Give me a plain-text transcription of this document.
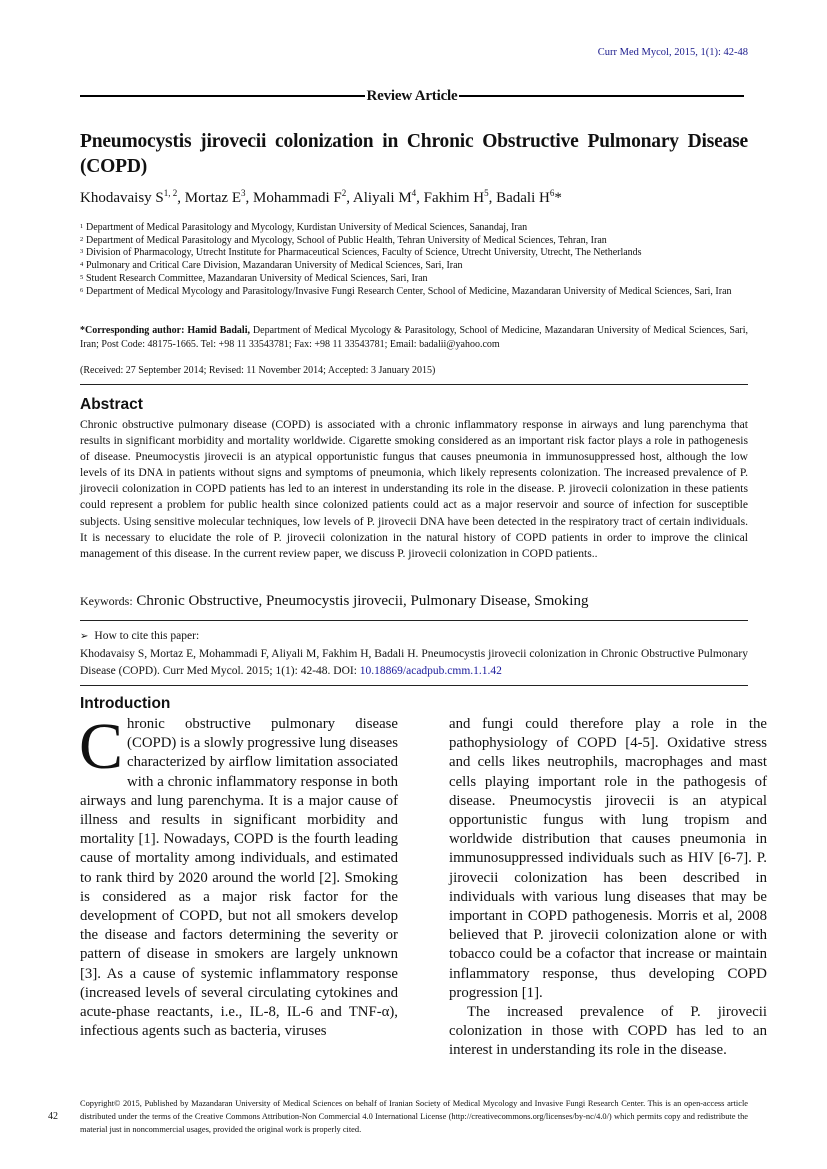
Curr Med Mycol, 2015, 1(1): 42-48
Review Article
Pneumocystis jirovecii colonization in Chronic Obstructive Pulmonary Disease (COPD)
Khodavaisy S$^{1, 2}$, Mortaz $E^3$, Mohammadi $F^2$, Aliyali $M^4$, Fakhim $H^5$, Badali $H^6*$
1 Department of Medical Parasitology and Mycology, Kurdistan University of Medical Sciences, Sanandaj, Iran
2 Department of Medical Parasitology and Mycology, School of Public Health, Tehran University of Medical Sciences, Tehran, Iran
3 Division of Pharmacology, Utrecht Institute for Pharmaceutical Sciences, Faculty of Science, Utrecht University, Utrecht, The Netherlands
4 Pulmonary and Critical Care Division, Mazandaran University of Medical Sciences, Sari, Iran
5 Student Research Committee, Mazandaran University of Medical Sciences, Sari, Iran
6 Department of Medical Mycology and Parasitology/Invasive Fungi Research Center, School of Medicine, Mazandaran University of Medical Sciences, Sari, Iran
*Corresponding author: Hamid Badali, Department of Medical Mycology & Parasitology, School of Medicine, Mazandaran University of Medical Sciences, Sari, Iran; Post Code: 48175-1665. Tel: +98 11 33543781; Fax: +98 11 33543781; Email: badalii@yahoo.com
(Received: 27 September 2014; Revised: 11 November 2014; Accepted: 3 January 2015)
Abstract
Chronic obstructive pulmonary disease (COPD) is associated with a chronic inflammatory response in airways and lung parenchyma that results in significant morbidity and mortality worldwide. Cigarette smoking considered as an important risk factor plays a role in pathogenesis of disease. Pneumocystis jirovecii is an atypical opportunistic fungus that causes pneumonia in immunosuppressed host, although the low levels of its DNA in patients without signs and symptoms of pneumonia, which likely represents colonization. The increased prevalence of P. jirovecii colonization in COPD patients has led to an interest in understanding its role in the disease. P. jirovecii colonization in these patients could represent a problem for public health since colonized patients could act as a major reservoir and source of infection for susceptible subjects. Using sensitive molecular techniques, low levels of P. jirovecii DNA have been detected in the respiratory tract of certain individuals. It is necessary to elucidate the role of P. jirovecii colonization in the natural history of COPD patients in order to improve the clinical management of this disease. In the current review paper, we discuss P. jirovecii colonization in COPD patients..
Keywords: Chronic Obstructive, Pneumocystis jirovecii, Pulmonary Disease, Smoking
➢ How to cite this paper:
Khodavaisy S, Mortaz E, Mohammadi F, Aliyali M, Fakhim H, Badali H. Pneumocystis jirovecii colonization in Chronic Obstructive Pulmonary Disease (COPD). Curr Med Mycol. 2015; 1(1): 42-48. DOI: 10.18869/acadpub.cmm.1.1.42
Introduction

Chronic obstructive pulmonary disease (COPD) is a slowly progressive lung diseases characterized by airflow limitation associated with a chronic inflammatory response in both airways and lung parenchyma. It is a major cause of illness and results in significant morbidity and mortality [1]. Nowadays, COPD is the fourth leading cause of mortality among individuals, and estimated to rank third by 2020 around the world [2]. Smoking is considered as a major risk factor for the development of COPD, but not all smokers develop the disease and factors determining the severity or pattern of disease in smokers are largely unknown [3]. As a cause of systemic inflammatory response (increased levels of several circulating cytokines and acute-phase reactants, i.e., IL-8, IL-6 and TNF-α), infectious agents such as bacteria, viruses

and fungi could therefore play a role in the pathophysiology of COPD [4-5]. Oxidative stress and cells likes neutrophils, macrophages and mast cells playing important role in the pathogesis of disease. Pneumocystis jirovecii is an atypical opportunistic fungus with lung tropism and worldwide distribution that causes pneumonia in immunosuppressed individuals such as HIV [6-7]. P. jirovecii colonization has been described in individuals with various lung diseases that may be important in COPD pathogenesis. Morris et al, 2008 believed that P. jirovecii colonization alone or with tobacco could be a cofactor that increase or maintain inflammatory response, thus developing COPD progression [1].

The increased prevalence of P. jirovecii colonization in those with COPD has led to an interest in understanding its role in the disease.

42
Copyright© 2015, Published by Mazandaran University of Medical Sciences on behalf of Iranian Society of Medical Mycology and Invasive Fungi Research Center. This is an open-access article distributed under the terms of the Creative Commons Attribution-Non Commercial 4.0 International License (http://creativecommons.org/licenses/by-nc/4.0/) which permits copy and redistribute the material just in noncommercial usages, provided the original work is properly cited.
